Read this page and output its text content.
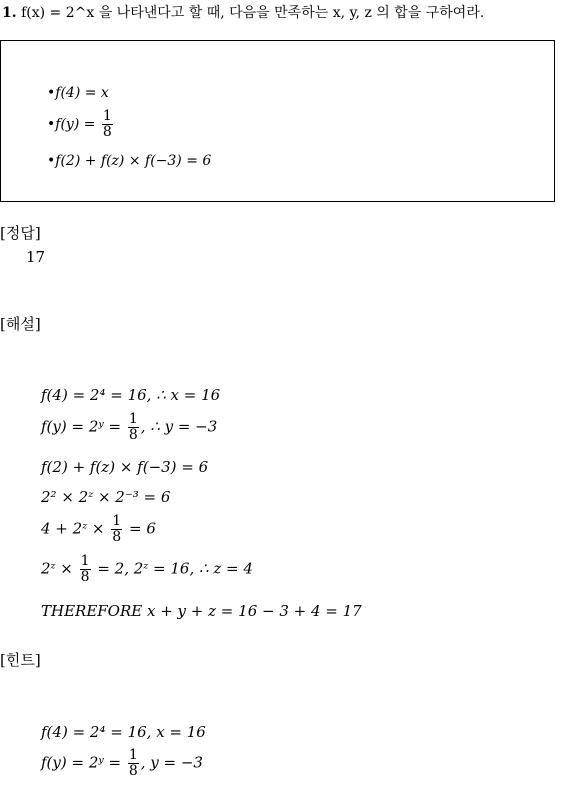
1. f(x) = 2^x 을 나타낸다고 할 때, 다음을 만족하는 x, y, z 의 합을 구하여라.
•f(4) = x
•f(y) = $\frac{1}{8}$
•f(2) + f(z) × f(−3) = 6
[정답]
17
[해설]
f(4) = 2⁴ = 16, ∴ x = 16
f(y) = 2ʸ = $\frac{1}{8}$ , ∴ y = −3
f(2) + f(z) × f(−3) = 6
2² × 2ᶻ × 2⁻³ = 6
4 + 2ᶻ × $\frac{1}{8} = 6$
2ᶻ × $\frac{1}{8} = 2$, 2ᶻ = 16, ∴ z = 4
THEREFORE x + y + z = 16 − 3 + 4 = 17
[힌트]
f(4) = 2⁴ = 16, x = 16
f(y) = 2ʸ = $\frac{1}{8}$ , y = −3
